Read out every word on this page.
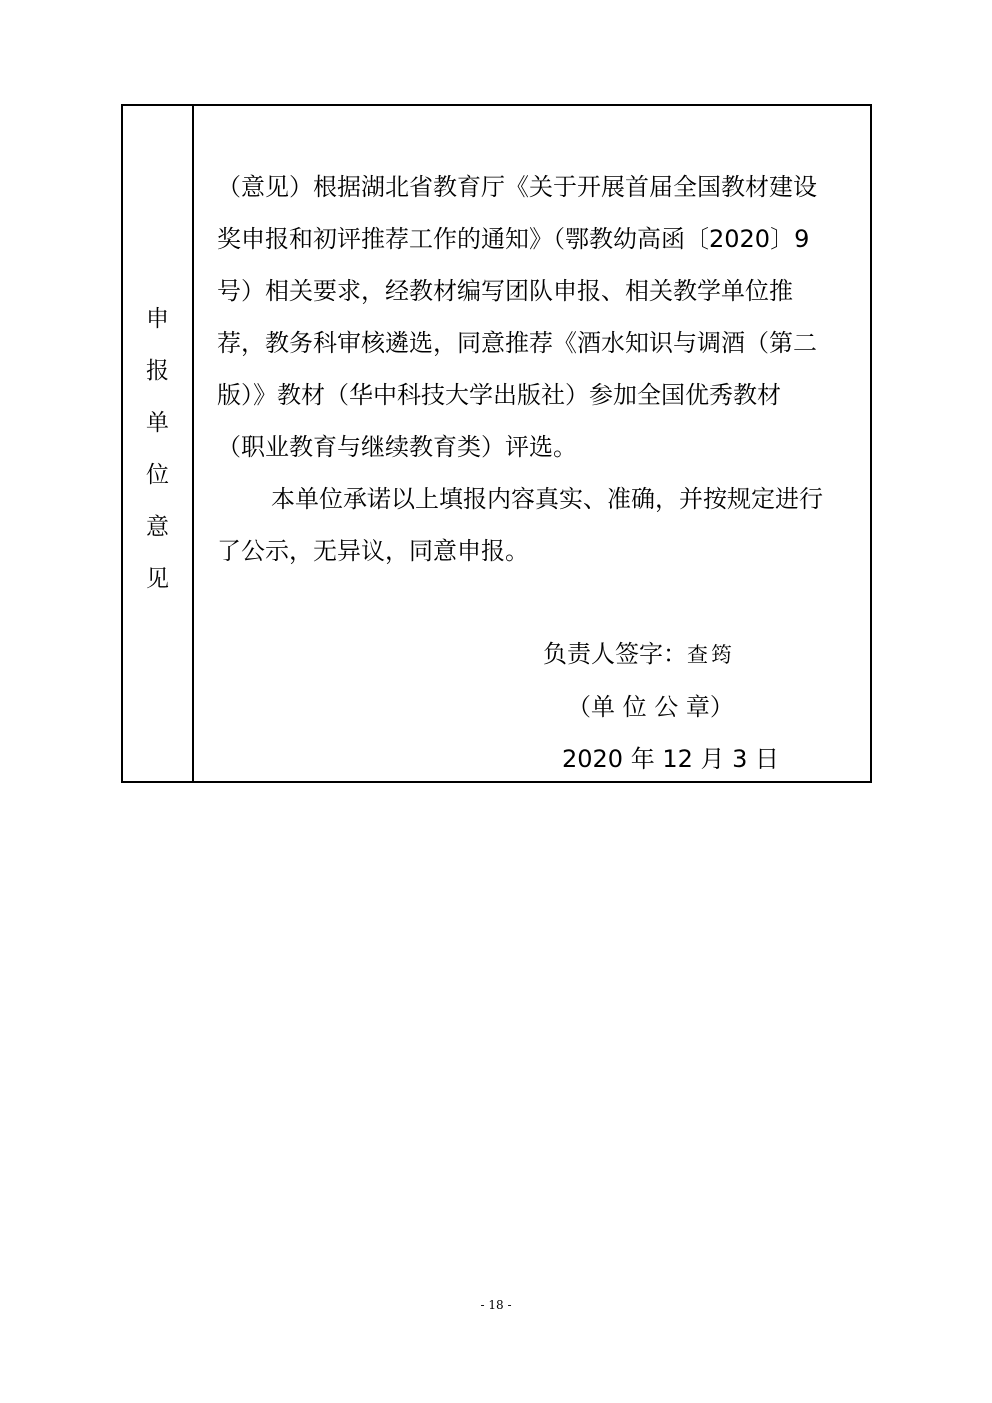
申
报
单
位
意
见
（意见）根据湖北省教育厅《关于开展首届全国教材建设
奖申报和初评推荐工作的通知》（鄂教幼高函〔2020〕9
号）相关要求，经教材编写团队申报、相关教学单位推
荐，教务科审核遴选，同意推荐《酒水知识与调酒（第二
版）》教材（华中科技大学出版社）参加全国优秀教材
（职业教育与继续教育类）评选。
本单位承诺以上填报内容真实、准确，并按规定进行
了公示，无异议，同意申报。
负责人签字：查筠
（单 位 公 章）
2020 年 12 月 3 日
- 18 -
